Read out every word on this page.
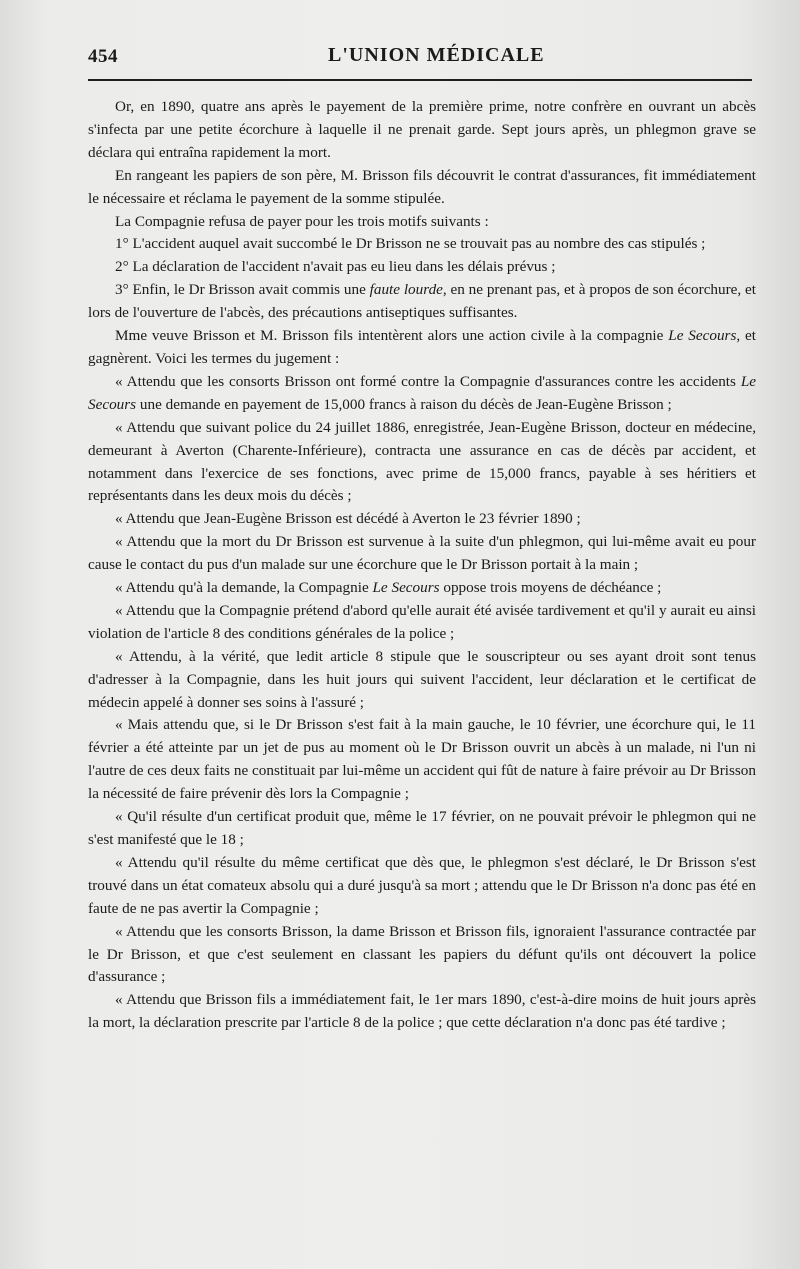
454	L'UNION MÉDICALE

Or, en 1890, quatre ans après le payement de la première prime, notre confrère en ouvrant un abcès s'infecta par une petite écorchure à laquelle il ne prenait garde. Sept jours après, un phlegmon grave se déclara qui entraîna rapidement la mort.

En rangeant les papiers de son père, M. Brisson fils découvrit le contrat d'assurances, fit immédiatement le nécessaire et réclama le payement de la somme stipulée.

La Compagnie refusa de payer pour les trois motifs suivants :

1° L'accident auquel avait succombé le Dr Brisson ne se trouvait pas au nombre des cas stipulés ;

2° La déclaration de l'accident n'avait pas eu lieu dans les délais prévus ;

3° Enfin, le Dr Brisson avait commis une faute lourde, en ne prenant pas, et à propos de son écorchure, et lors de l'ouverture de l'abcès, des précautions antiseptiques suffisantes.

Mme veuve Brisson et M. Brisson fils intentèrent alors une action civile à la compagnie Le Secours, et gagnèrent. Voici les termes du jugement :

« Attendu que les consorts Brisson ont formé contre la Compagnie d'assurances contre les accidents Le Secours une demande en payement de 15,000 francs à raison du décès de Jean-Eugène Brisson ;

« Attendu que suivant police du 24 juillet 1886, enregistrée, Jean-Eugène Brisson, docteur en médecine, demeurant à Averton (Charente-Inférieure), contracta une assurance en cas de décès par accident, et notamment dans l'exercice de ses fonctions, avec prime de 15,000 francs, payable à ses héritiers et représentants dans les deux mois du décès ;

« Attendu que Jean-Eugène Brisson est décédé à Averton le 23 février 1890 ;

« Attendu que la mort du Dr Brisson est survenue à la suite d'un phlegmon, qui lui-même avait eu pour cause le contact du pus d'un malade sur une écorchure que le Dr Brisson portait à la main ;

« Attendu qu'à la demande, la Compagnie Le Secours oppose trois moyens de déchéance ;

« Attendu que la Compagnie prétend d'abord qu'elle aurait été avisée tardivement et qu'il y aurait eu ainsi violation de l'article 8 des conditions générales de la police ;

« Attendu, à la vérité, que ledit article 8 stipule que le souscripteur ou ses ayant droit sont tenus d'adresser à la Compagnie, dans les huit jours qui suivent l'accident, leur déclaration et le certificat de médecin appelé à donner ses soins à l'assuré ;

« Mais attendu que, si le Dr Brisson s'est fait à la main gauche, le 10 février, une écorchure qui, le 11 février a été atteinte par un jet de pus au moment où le Dr Brisson ouvrit un abcès à un malade, ni l'un ni l'autre de ces deux faits ne constituait par lui-même un accident qui fût de nature à faire prévoir au Dr Brisson la nécessité de faire prévenir dès lors la Compagnie ;

« Qu'il résulte d'un certificat produit que, même le 17 février, on ne pouvait prévoir le phlegmon qui ne s'est manifesté que le 18 ;

« Attendu qu'il résulte du même certificat que dès que, le phlegmon s'est déclaré, le Dr Brisson s'est trouvé dans un état comateux absolu qui a duré jusqu'à sa mort ; attendu que le Dr Brisson n'a donc pas été en faute de ne pas avertir la Compagnie ;

« Attendu que les consorts Brisson, la dame Brisson et Brisson fils, ignoraient l'assurance contractée par le Dr Brisson, et que c'est seulement en classant les papiers du défunt qu'ils ont découvert la police d'assurance ;

« Attendu que Brisson fils a immédiatement fait, le 1er mars 1890, c'est-à-dire moins de huit jours après la mort, la déclaration prescrite par l'article 8 de la police ; que cette déclaration n'a donc pas été tardive ;
